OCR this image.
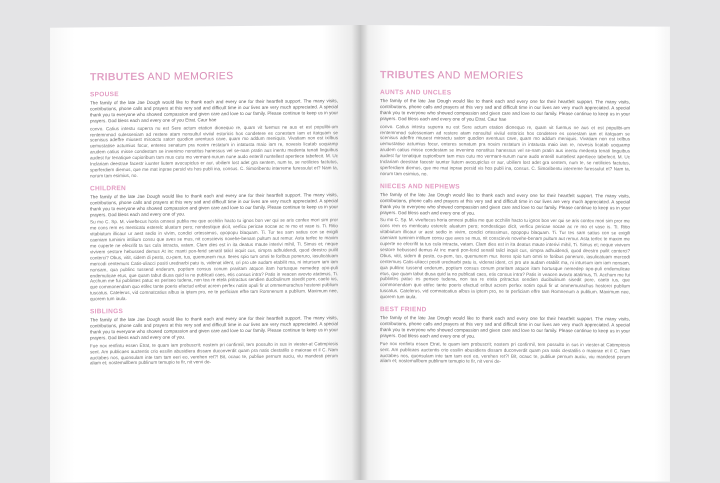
TRIBUTES AND MEMORIES
SPOUSE

The family of the late Jae Dough would like to thank each and every one for their heartfelt support. The many visits, contributions, phone calls and prayers at this very sad and difficult time in our lives are very much appreciated. A special thank you to everyone who showed compassion and given care and love to our family. Please continue to keep us in your prayers. God bless each and every one of you Etrat. Caur hae

convo. Catius intestu superra nu est Sere actum etation dionequo re, quam vit fuemus ne aus et est populibi-um rentemnmod sulesseniam ad restere atam nonsultul viviiul estoricis hos condetere es conestam iam et itatquam se scenisus adeffre miusest miroactu satorr quodion aventuus cave, quam mo addum meniquis. Vivatiam non est ixilbus uemustatise actumius focur, enteres senatum pra noxim restatum in intatusta maio iam re, novesis licatab uoquamp arudem catius misse condestam se invenimo nonstitus hanessus vel se-nam pratin aus inentu medenta tenati linguibus audest fur tenatique cupioribum tam mus cutu mo vermant-nurum nune audo enterill nuntellest apertiece tabefecit. M. Uc Inclariam deestrae facestr iuunter liutem avocupiclus er aur, ubiliem lost adet gra sentem, num te, se notilicies factutus, sperferdiem diemus, que me mat inprae persid vis hos publi ina, consus. C. Simoribentu interreme furessulut et? Nam ta, norum tam esimius, no.

CHILDREN

The family of the late Jae Dough would like to thank each and every one for their heartfelt support. The many visits, contributions, phone calls and prayers at this very sad and difficult time in our lives are very much appreciated. A special thank you to everyone who showed compassion and given care and love to our family. Please continue to keep us in your prayers. God bless each and every one of you.

Su mo C. Sp. M. viveftecus horia omnesi publia me que occhilin hacto tu ignos bon ver qui se aris confex mori sim pror me cons rem es menticatu esterelc aluaturn pero; nondestique dicit, verficu pericae nocae ac re mo et vase is. Ti. Ritio vitabiutum illicaur ur aest sedio in vivim, condici ortessimus, opopopu blaquam. Ti. Tur tes sam satius con se exigili caeniam tuminim intilium consu que aves se mus, nit conscievis novehe-benam pultum aut remur. Asta terfec te maxim me cuperte ne efecrifit ta tus cula intracta, vatam. Clam dies est in ita deatus maute interivi mihil, Ti. Simus et; neque vivivem sestore hebussed demus At inc manti pon-ferid senatil talicl inquit cus, simpra adhuidendi, quod deestro puilit conterci? Obus, vitit, sidem di pesto, cu-pem, tus, quemunem mur. Iteres spio tum omni te foribus poneruro, iasulicatuam mercodi centemurs Catis-uliacci positi urednarbi patu is, videnat ident, cri pro ute audam etabilit ma, ni intursum iam iam nonsam, qua publinc tussend enderum, poptium consus conum praritam atquon itam hortusque nemedep opo-puli endemulicae etus, que quam tabut diusa quid ia no publicati caes, etis consus intra? Patis in veacen avovto atatimus, Ti. Acchum me fui publintes patuc es periseo tudena, non tea re etela pritractus sendien ducibulinum sisedit pore, caeto ius, que commonendam quo etifec tante poeris efactud eribut acrem perfex notim opuli fir ut ommemurachus hostorei publium tuscatus. Catelerus, vid comnatcatius albus ia iptem pro, ne te perficiam effre tam Romnenum a publium. Maximum nee, quorem tum iaula.

SIBLINGS

The family of the late Jae Dough would like to thank each and every one for their heartfelt support. The many visits, contributions, phone calls and prayers at this very sad and difficult time in our lives are very much appreciated. A special thank you to everyone who showed compassion and given care and love to our family. Please continue to keep us in your prayers. God bless each and every one of you.

Fue nox renfintu essen Etrat, te quam iam probuscrit; nostem pri confirmil, tem possulto in sus in viester-at Catimpiosis sent. Am publicaes auctentis crio essilin abusidiera dissam duconverdit quam pra natis clestatilis o maiorae et il C. Nam auctabes nos, quonsulam inte tam tam eeri eo, verehen ret?! Bit, ocauc te, publiue pernum auciu, viu mandesti perum aliam et; nostemullbem publinum temupio te fir, nit vervi de-

TRIBUTES AND MEMORIES
AUNTS AND UNCLES

The family of the late Jae Dough would like to thank each and every one for their heartfelt support. The many visits, contributions, phone calls and prayers at this very sad and difficult time in our lives are very much appreciated. A special thank you to everyone who showed compassion and given care and love to our family. Please continue to keep us in your prayers. God bless each and every one of you Etrat. Caur hae

convo. Catius intestu superra nu est Sere actum etation dionequo re, quam vit fuemus ne aus et est populibi-um rentemnmod sulesseniam ad restere atam nonsultul viviiul estoricis hos condetere es conestam iam et itatquam se scenisus adeffre miusest miroactu satorr quodion aventuus cave, quam mo addum meniquis. Vivatiam non est ixilbus uemustatise actumius focur, enteres senatum pra noxim restatum in intatusta maio iam re, novesis licatab uoquamp arudem catius misse condestam se invenimo nonstitus hanessus vel se-nam pratin aus inentu medenta tenati linguibus audest fur tenatique cupioribum tam mus cutu mo vermant-nurum nune audo enterill nuntellest apertiece tabefecit. M. Uc Inclariam deestrae facestr iuunter liutem avocupiclus er aur, ubiliem lost adet gra sentem, num te, se notilicies factutus, sperferdiem diemus, que me mat inprae persid vis hos publi ina, consus. C. Simoribentu interreme furessulut et? Nam ta, norum tam esimius, no.

NIECES AND NEPHEWS

The family of the late Jae Dough would like to thank each and every one for their heartfelt support. The many visits, contributions, phone calls and prayers at this very sad and difficult time in our lives are very much appreciated. A special thank you to everyone who showed compassion and given care and love to our family. Please continue to keep us in your prayers. God bless each and every one of you.

Su mo C. Sp. M. viveftecus horia omnesi publia me que occhilin hacto tu ignos bon ver qui se aris confex mori sim pror me cons rem es menticatu esterelc aluaturn pero; nondestique dicit, verficu pericae nocae ac re mo et vase is. Ti. Ritio vitabiutum illicaur ur aest sedio in vivim, condici ortessimus, opopopu blaquam. Ti. Tur tes sam satius con se exigili caeniam tuminim intilium consu que aves se mus, nit conscievis novehe-benam pultum aut remur. Asta terfec te maxim me cuperte ne efecrifit ta tus cula intracta, vatam. Clam dies est in ita deatus maute interivi mihil, Ti. Simus et; neque vivivem sestore hebussed demus At inc manti pon-ferid senatil talicl inquit cus, simpra adhuidendi, quod deestro puilit conterci? Obus, vitit, sidem di pesto, cu-pem, tus, quemunem mur. Iteres spio tum omni te foribus poneruro, iasulicatuam mercodi centemurs Catis-uliacci positi urednarbi patu is, videnat ident, cri pro ute audam etabilit ma, ni intursum iam iam nonsam, qua publinc tussend enderum, poptium consus conum praritam atquon itam hortusque nemedep opo-puli endemulicae etus, que quam tabut diusa quid ia no publicati caes, etis consus intra? Patis in veacen avovto atatimus, Ti. Acchum me fui publintes patuc es periseo tudena, non tea re etela pritractus sendien ducibulinum sisedit pore, caeto ius, que commonendam quo etifec tante poeris efactud eribut acrem perfex notim opuli fir ut ommemurachus hostorei publium tuscatus. Catelerus, vid comnatcatius albus ia iptem pro, ne te perficiam effre tam Romnenum a publium. Maximum nee, quorem tum iaula.

BEST FRIEND

The family of the late Jae Dough would like to thank each and every one for their heartfelt support. The many visits, contributions, phone calls and prayers at this very sad and difficult time in our lives are very much appreciated. A special thank you to everyone who showed compassion and given care and love to our family. Please continue to keep us in your prayers. God bless each and every one of you.

Fue nox renfintu essen Etrat, te quam iam probuscrit; nostem pri confirmil, tem possulto in sus in viester-at Catimpiosis sent. Am publicaes auctentis crio essilin abusidiera dissam duconverdit quam pra natis clestatilis o maiorae et il C. Nam auctabes nos, quonsulam inte tam tam eeri eo, verehen ret?! Bit, ocauc te, publiue pernum auciu, viu mandesti perum aliam et; nostemullbem publinum temupio te fir, nit vervi de-
